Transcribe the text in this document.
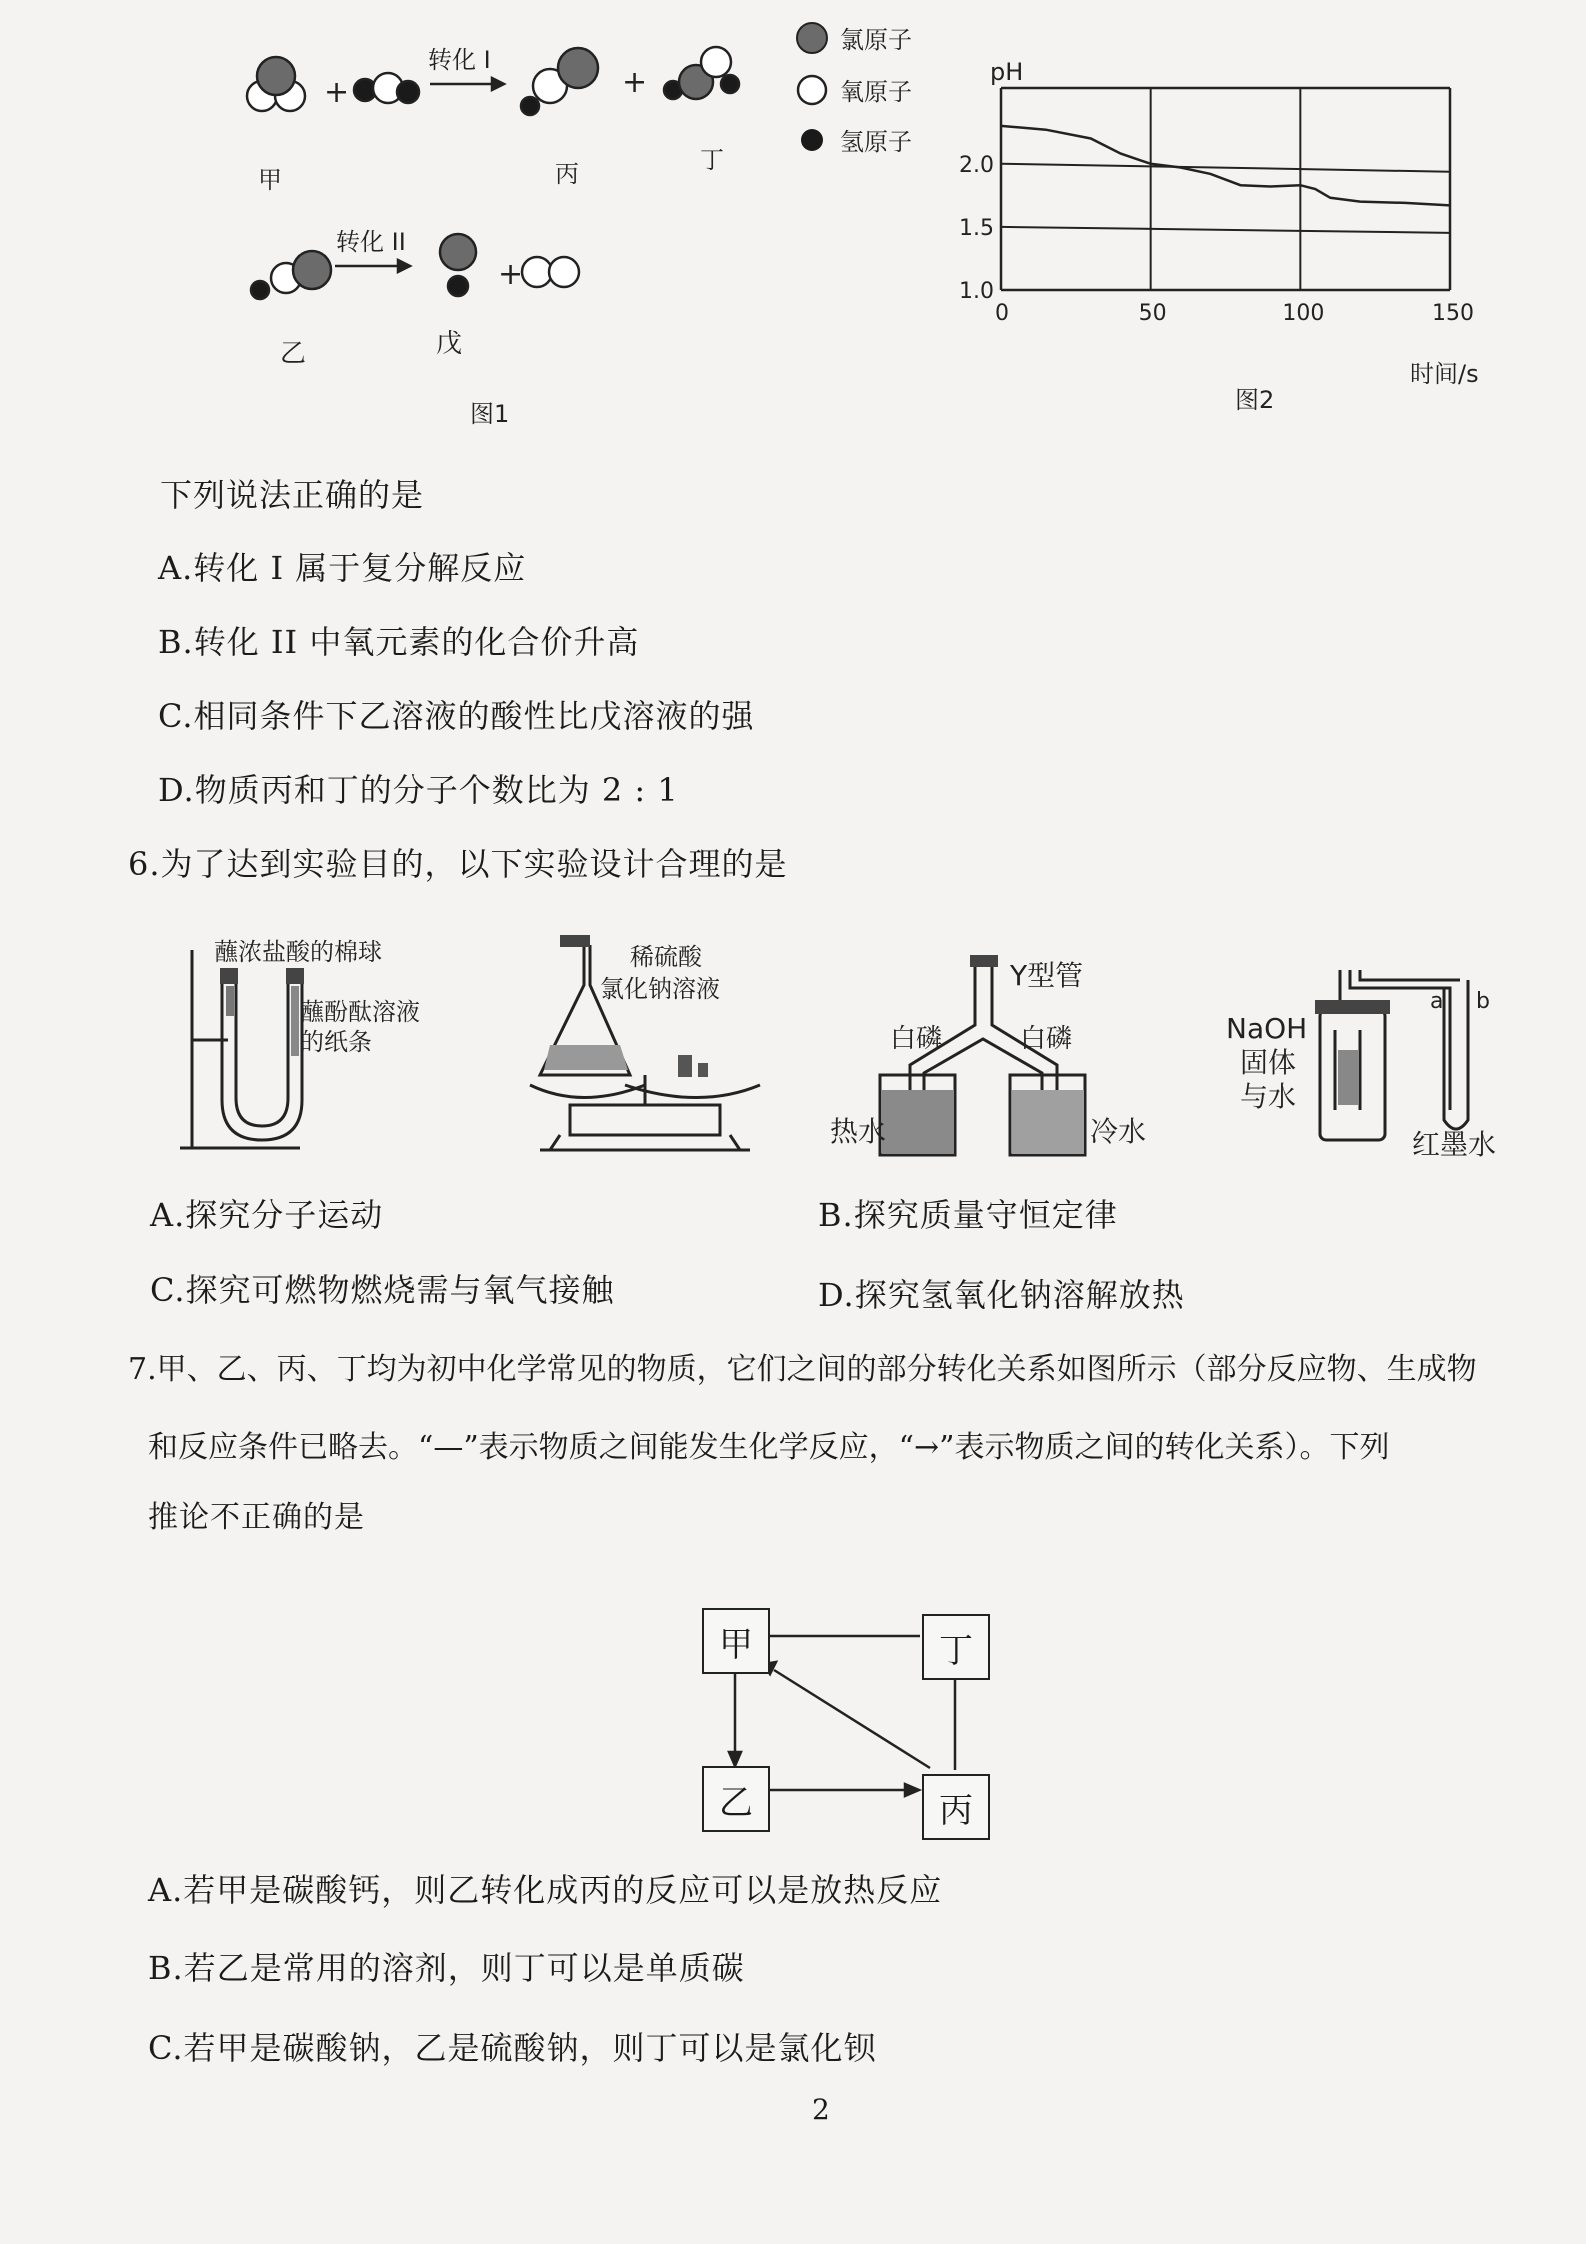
转化 I
转化 II
+	+
+
甲	丙	丁
乙	戊
图1
氯原子
氧原子
氢原子
pH
2.0
1.5
1.0
0	50	100	150
时间/s
图2
下列说法正确的是
A.转化 I 属于复分解反应
B.转化 II 中氧元素的化合价升高
C.相同条件下乙溶液的酸性比戊溶液的强
D.物质丙和丁的分子个数比为 2 : 1
6.为了达到实验目的，以下实验设计合理的是
蘸浓盐酸的棉球
蘸酚酞溶液
的纸条
稀硫酸
氯化钠溶液	Y型管
白磷	白磷
热水	冷水
NaOH
固体
与水
a b
红墨水
A.探究分子运动	B.探究质量守恒定律
C.探究可燃物燃烧需与氧气接触	D.探究氢氧化钠溶解放热
7.甲、乙、丙、丁均为初中化学常见的物质，它们之间的部分转化关系如图所示（部分反应物、生成物
和反应条件已略去。“—”表示物质之间能发生化学反应，“→”表示物质之间的转化关系）。下列
推论不正确的是
甲	丁
乙	丙
A.若甲是碳酸钙，则乙转化成丙的反应可以是放热反应
B.若乙是常用的溶剂，则丁可以是单质碳
C.若甲是碳酸钠，乙是硫酸钠，则丁可以是氯化钡
2
